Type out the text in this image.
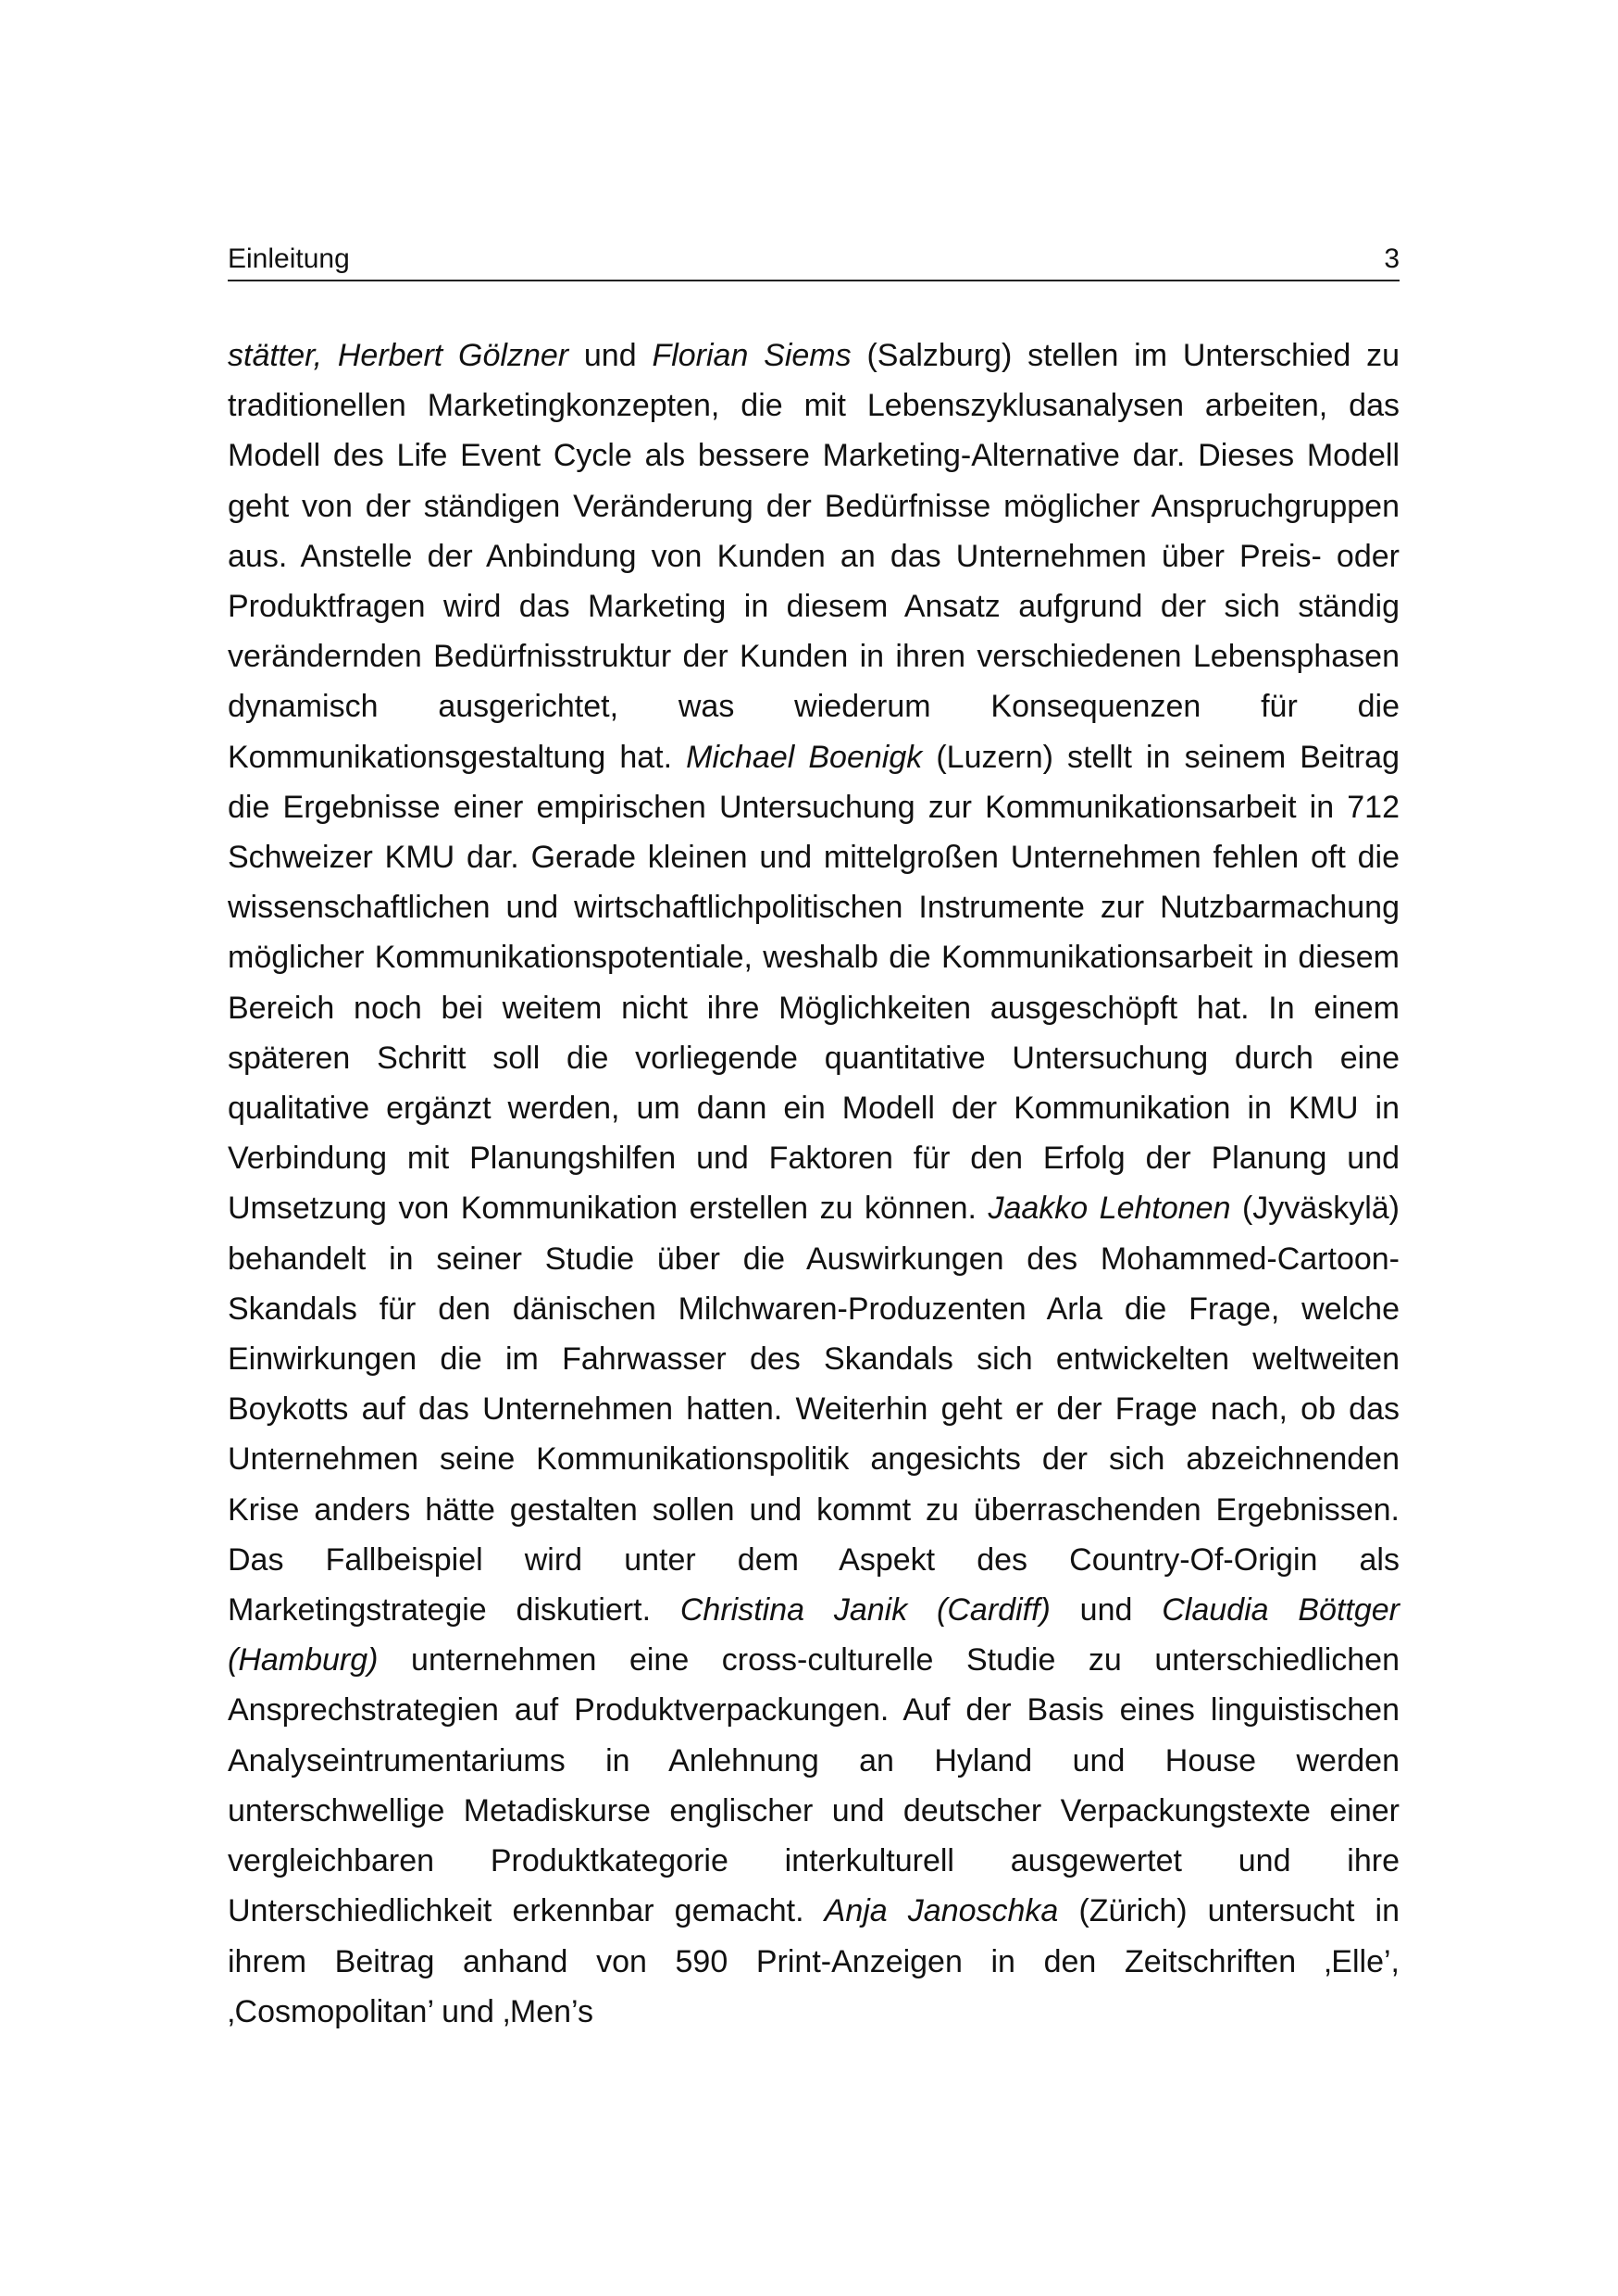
Einleitung	3

stätter, Herbert Gölzner und Florian Siems (Salzburg) stellen im Unterschied zu traditionellen Marketingkonzepten, die mit Lebenszyklusanalysen arbeiten, das Modell des Life Event Cycle als bessere Marketing-Alternative dar. Dieses Modell geht von der ständigen Veränderung der Bedürfnisse möglicher Anspruchgruppen aus. Anstelle der Anbindung von Kunden an das Unternehmen über Preis- oder Produktfragen wird das Marketing in diesem Ansatz aufgrund der sich ständig verändernden Bedürfnisstruktur der Kunden in ihren verschiedenen Lebensphasen dynamisch ausgerichtet, was wiederum Konsequenzen für die Kommunikationsgestaltung hat. Michael Boenigk (Luzern) stellt in seinem Beitrag die Ergebnisse einer empirischen Untersuchung zur Kommunikationsarbeit in 712 Schweizer KMU dar. Gerade kleinen und mittelgroßen Unternehmen fehlen oft die wissenschaftlichen und wirtschaftlichpolitischen Instrumente zur Nutzbarmachung möglicher Kommunikationspotentiale, weshalb die Kommunikationsarbeit in diesem Bereich noch bei weitem nicht ihre Möglichkeiten ausgeschöpft hat. In einem späteren Schritt soll die vorliegende quantitative Untersuchung durch eine qualitative ergänzt werden, um dann ein Modell der Kommunikation in KMU in Verbindung mit Planungshilfen und Faktoren für den Erfolg der Planung und Umsetzung von Kommunikation erstellen zu können. Jaakko Lehtonen (Jyväskylä) behandelt in seiner Studie über die Auswirkungen des Mohammed-Cartoon-Skandals für den dänischen Milchwaren-Produzenten Arla die Frage, welche Einwirkungen die im Fahrwasser des Skandals sich entwickelten weltweiten Boykotts auf das Unternehmen hatten. Weiterhin geht er der Frage nach, ob das Unternehmen seine Kommunikationspolitik angesichts der sich abzeichnenden Krise anders hätte gestalten sollen und kommt zu überraschenden Ergebnissen. Das Fallbeispiel wird unter dem Aspekt des Country-Of-Origin als Marketingstrategie diskutiert. Christina Janik (Cardiff) und Claudia Böttger (Hamburg) unternehmen eine cross-culturelle Studie zu unterschiedlichen Ansprechstrategien auf Produktverpackungen. Auf der Basis eines linguistischen Analyseintrumentariums in Anlehnung an Hyland und House werden unterschwellige Metadiskurse englischer und deutscher Verpackungstexte einer vergleichbaren Produktkategorie interkulturell ausgewertet und ihre Unterschiedlichkeit erkennbar gemacht. Anja Janoschka (Zürich) untersucht in ihrem Beitrag anhand von 590 Print-Anzeigen in den Zeitschriften ‚Elle’, ‚Cosmopolitan’ und ‚Men’s
